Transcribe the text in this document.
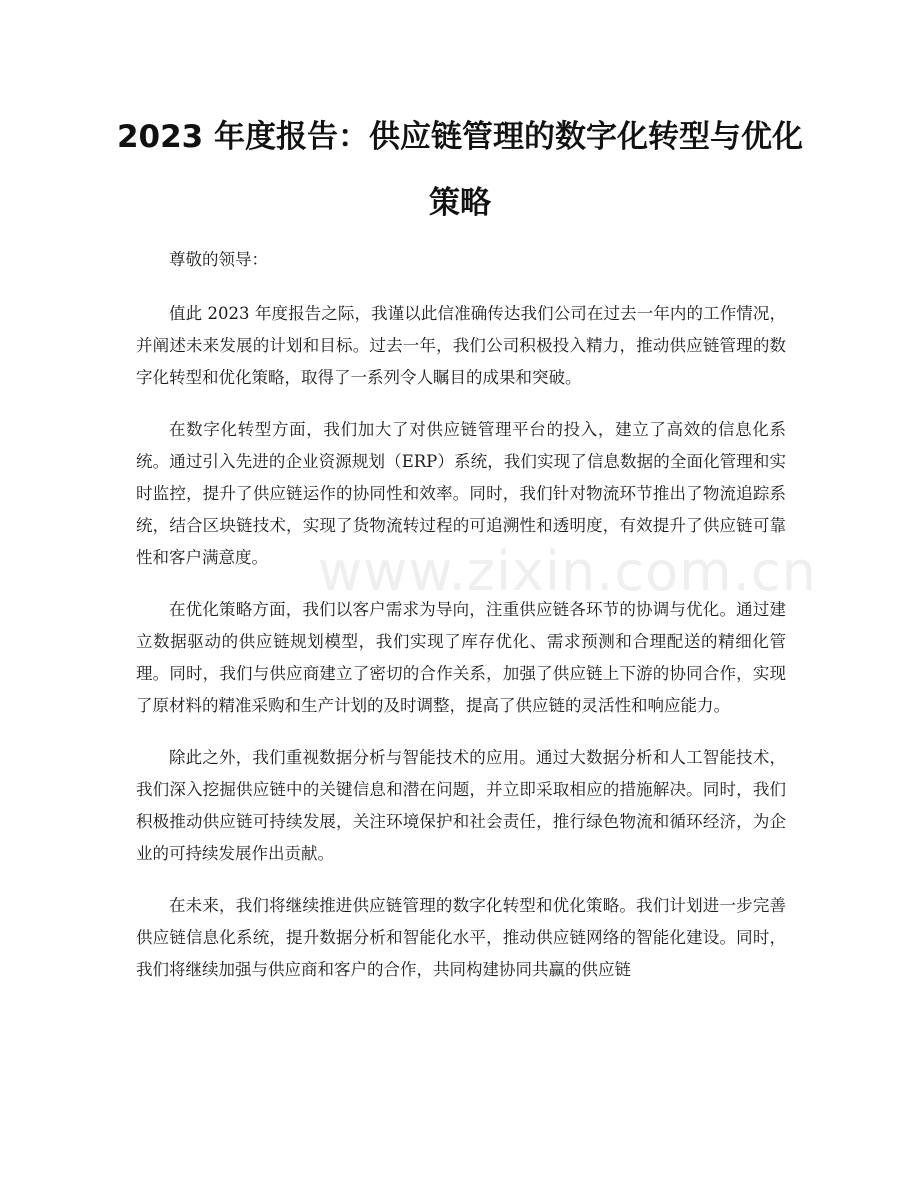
2023 年度报告：供应链管理的数字化转型与优化策略

尊敬的领导：

值此 2023 年度报告之际，我谨以此信准确传达我们公司在过去一年内的工作情况，并阐述未来发展的计划和目标。过去一年，我们公司积极投入精力，推动供应链管理的数字化转型和优化策略，取得了一系列令人瞩目的成果和突破。

在数字化转型方面，我们加大了对供应链管理平台的投入，建立了高效的信息化系统。通过引入先进的企业资源规划（ERP）系统，我们实现了信息数据的全面化管理和实时监控，提升了供应链运作的协同性和效率。同时，我们针对物流环节推出了物流追踪系统，结合区块链技术，实现了货物流转过程的可追溯性和透明度，有效提升了供应链可靠性和客户满意度。

在优化策略方面，我们以客户需求为导向，注重供应链各环节的协调与优化。通过建立数据驱动的供应链规划模型，我们实现了库存优化、需求预测和合理配送的精细化管理。同时，我们与供应商建立了密切的合作关系，加强了供应链上下游的协同合作，实现了原材料的精准采购和生产计划的及时调整，提高了供应链的灵活性和响应能力。

除此之外，我们重视数据分析与智能技术的应用。通过大数据分析和人工智能技术，我们深入挖掘供应链中的关键信息和潜在问题，并立即采取相应的措施解决。同时，我们积极推动供应链可持续发展，关注环境保护和社会责任，推行绿色物流和循环经济，为企业的可持续发展作出贡献。

在未来，我们将继续推进供应链管理的数字化转型和优化策略。我们计划进一步完善供应链信息化系统，提升数据分析和智能化水平，推动供应链网络的智能化建设。同时，我们将继续加强与供应商和客户的合作，共同构建协同共赢的供应链

www.zixin.com.cn
